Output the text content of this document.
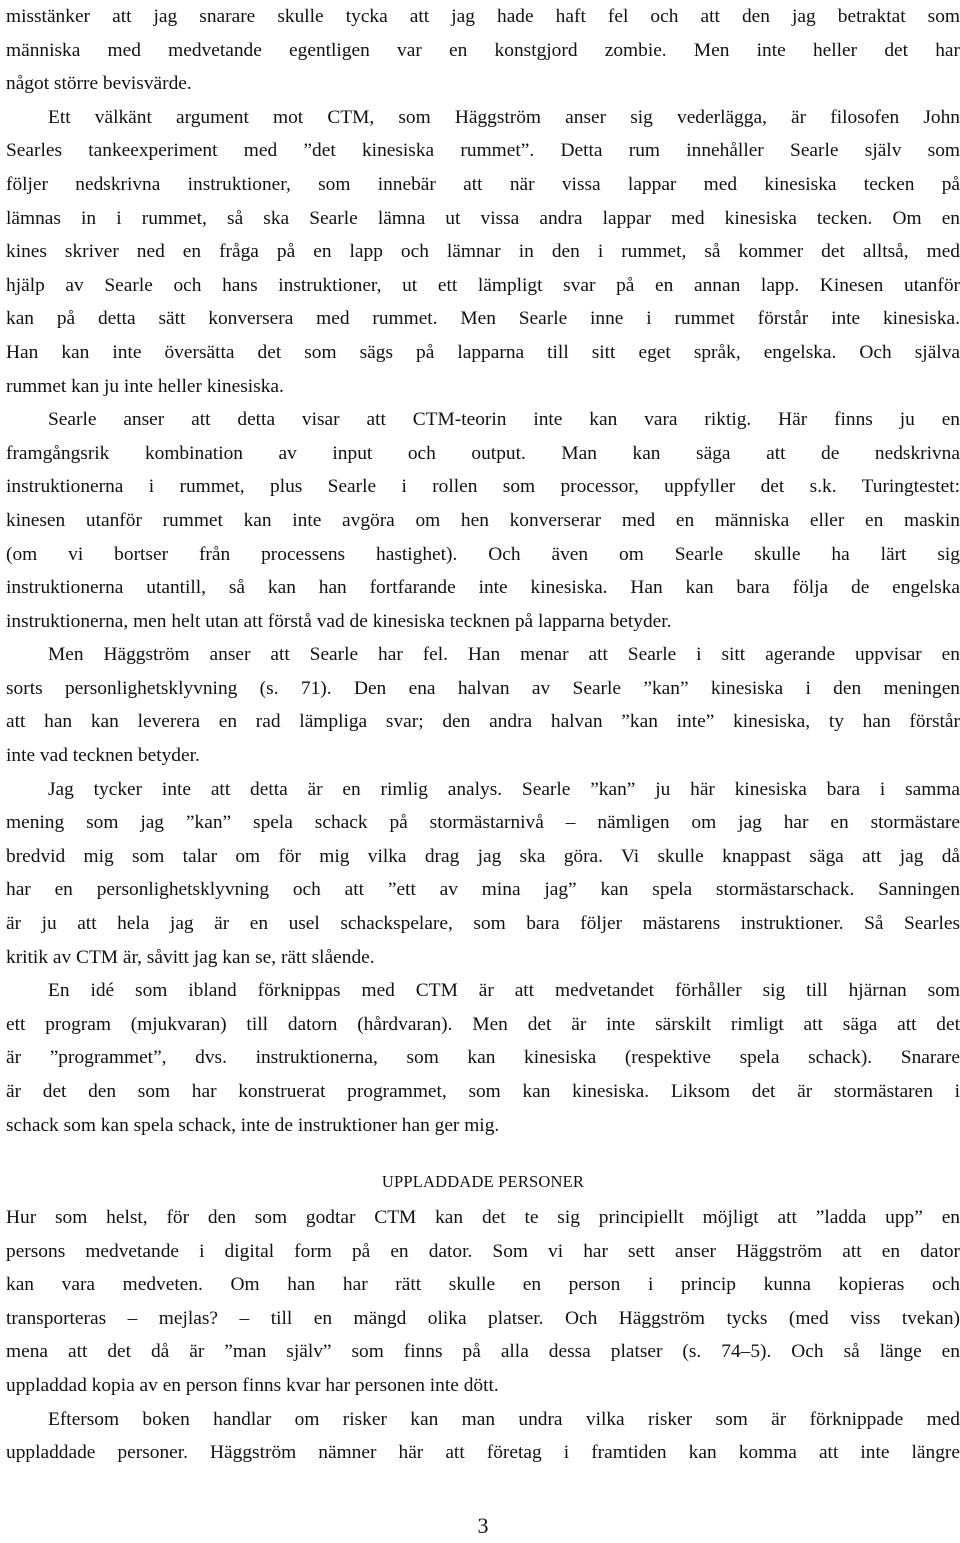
misstänker att jag snarare skulle tycka att jag hade haft fel och att den jag betraktat som
människa med medvetande egentligen var en konstgjord zombie. Men inte heller det har
något större bevisvärde.
Ett välkänt argument mot CTM, som Häggström anser sig vederlägga, är filosofen John
Searles tankeexperiment med ”det kinesiska rummet”. Detta rum innehåller Searle själv som
följer nedskrivna instruktioner, som innebär att när vissa lappar med kinesiska tecken på
lämnas in i rummet, så ska Searle lämna ut vissa andra lappar med kinesiska tecken. Om en
kines skriver ned en fråga på en lapp och lämnar in den i rummet, så kommer det alltså, med
hjälp av Searle och hans instruktioner, ut ett lämpligt svar på en annan lapp. Kinesen utanför
kan på detta sätt konversera med rummet. Men Searle inne i rummet förstår inte kinesiska.
Han kan inte översätta det som sägs på lapparna till sitt eget språk, engelska. Och själva
rummet kan ju inte heller kinesiska.
Searle anser att detta visar att CTM-teorin inte kan vara riktig. Här finns ju en
framgångsrik kombination av input och output. Man kan säga att de nedskrivna
instruktionerna i rummet, plus Searle i rollen som processor, uppfyller det s.k. Turingtestet:
kinesen utanför rummet kan inte avgöra om hen konverserar med en människa eller en maskin
(om vi bortser från processens hastighet). Och även om Searle skulle ha lärt sig
instruktionerna utantill, så kan han fortfarande inte kinesiska. Han kan bara följa de engelska
instruktionerna, men helt utan att förstå vad de kinesiska tecknen på lapparna betyder.
Men Häggström anser att Searle har fel. Han menar att Searle i sitt agerande uppvisar en
sorts personlighetsklyvning (s. 71). Den ena halvan av Searle ”kan” kinesiska i den meningen
att han kan leverera en rad lämpliga svar; den andra halvan ”kan inte” kinesiska, ty han förstår
inte vad tecknen betyder.
Jag tycker inte att detta är en rimlig analys. Searle ”kan” ju här kinesiska bara i samma
mening som jag ”kan” spela schack på stormästarnivå – nämligen om jag har en stormästare
bredvid mig som talar om för mig vilka drag jag ska göra. Vi skulle knappast säga att jag då
har en personlighetsklyvning och att ”ett av mina jag” kan spela stormästarschack. Sanningen
är ju att hela jag är en usel schackspelare, som bara följer mästarens instruktioner. Så Searles
kritik av CTM är, såvitt jag kan se, rätt slående.
En idé som ibland förknippas med CTM är att medvetandet förhåller sig till hjärnan som
ett program (mjukvaran) till datorn (hårdvaran). Men det är inte särskilt rimligt att säga att det
är ”programmet”, dvs. instruktionerna, som kan kinesiska (respektive spela schack). Snarare
är det den som har konstruerat programmet, som kan kinesiska. Liksom det är stormästaren i
schack som kan spela schack, inte de instruktioner han ger mig.
UPPLADDADE PERSONER
Hur som helst, för den som godtar CTM kan det te sig principiellt möjligt att ”ladda upp” en
persons medvetande i digital form på en dator. Som vi har sett anser Häggström att en dator
kan vara medveten. Om han har rätt skulle en person i princip kunna kopieras och
transporteras – mejlas? – till en mängd olika platser. Och Häggström tycks (med viss tvekan)
mena att det då är ”man själv” som finns på alla dessa platser (s. 74–5). Och så länge en
uppladdad kopia av en person finns kvar har personen inte dött.
Eftersom boken handlar om risker kan man undra vilka risker som är förknippade med
uppladdade personer. Häggström nämner här att företag i framtiden kan komma att inte längre
3
